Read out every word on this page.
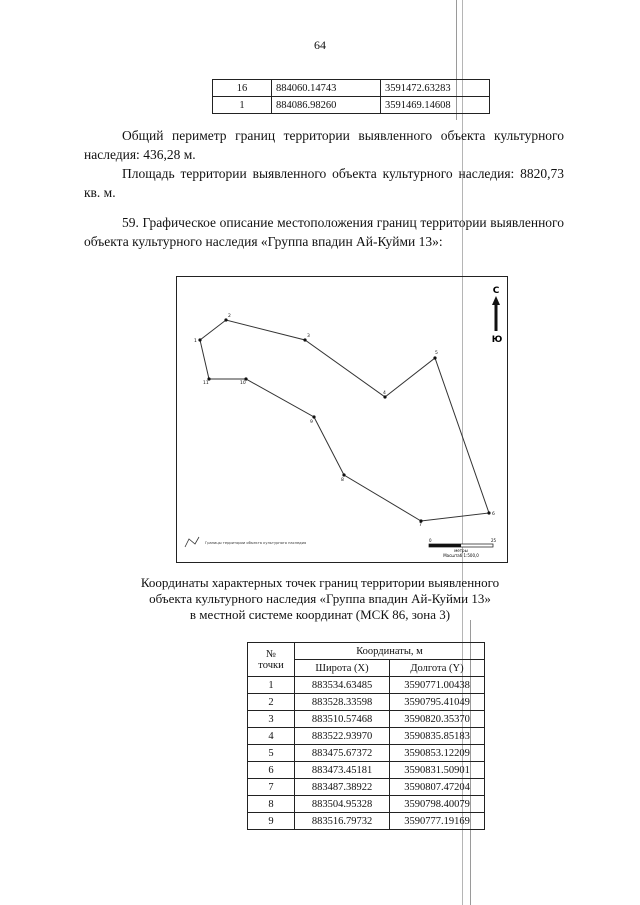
64
16	884060.14743	3591472.63283
1	884086.98260	3591469.14608
Общий периметр границ территории выявленного объекта культурного наследия: 436,28 м.
Площадь территории выявленного объекта культурного наследия: 8820,73 кв. м.
59. Графическое описание местоположения границ территории выявленного объекта культурного наследия «Группа впадин Ай-Куйми 13»:
1
2
3
4
5
6
7
8
9
10
11
С
Ю
Границы территории объекта культурного наследия	0	25
метры
Масштаб 1:500,0
Координаты характерных точек границ территории выявленного
объекта культурного наследия «Группа впадин Ай-Куйми 13»
в местной системе координат (МСК 86, зона 3)
№ точки	Координаты, м	
	Широта (X)	Долгота (Y)
1	883534.63485	3590771.00438
2	883528.33598	3590795.41049
3	883510.57468	3590820.35370
4	883522.93970	3590835.85183
5	883475.67372	3590853.12209
6	883473.45181	3590831.50901
7	883487.38922	3590807.47204
8	883504.95328	3590798.40079
9	883516.79732	3590777.19169
